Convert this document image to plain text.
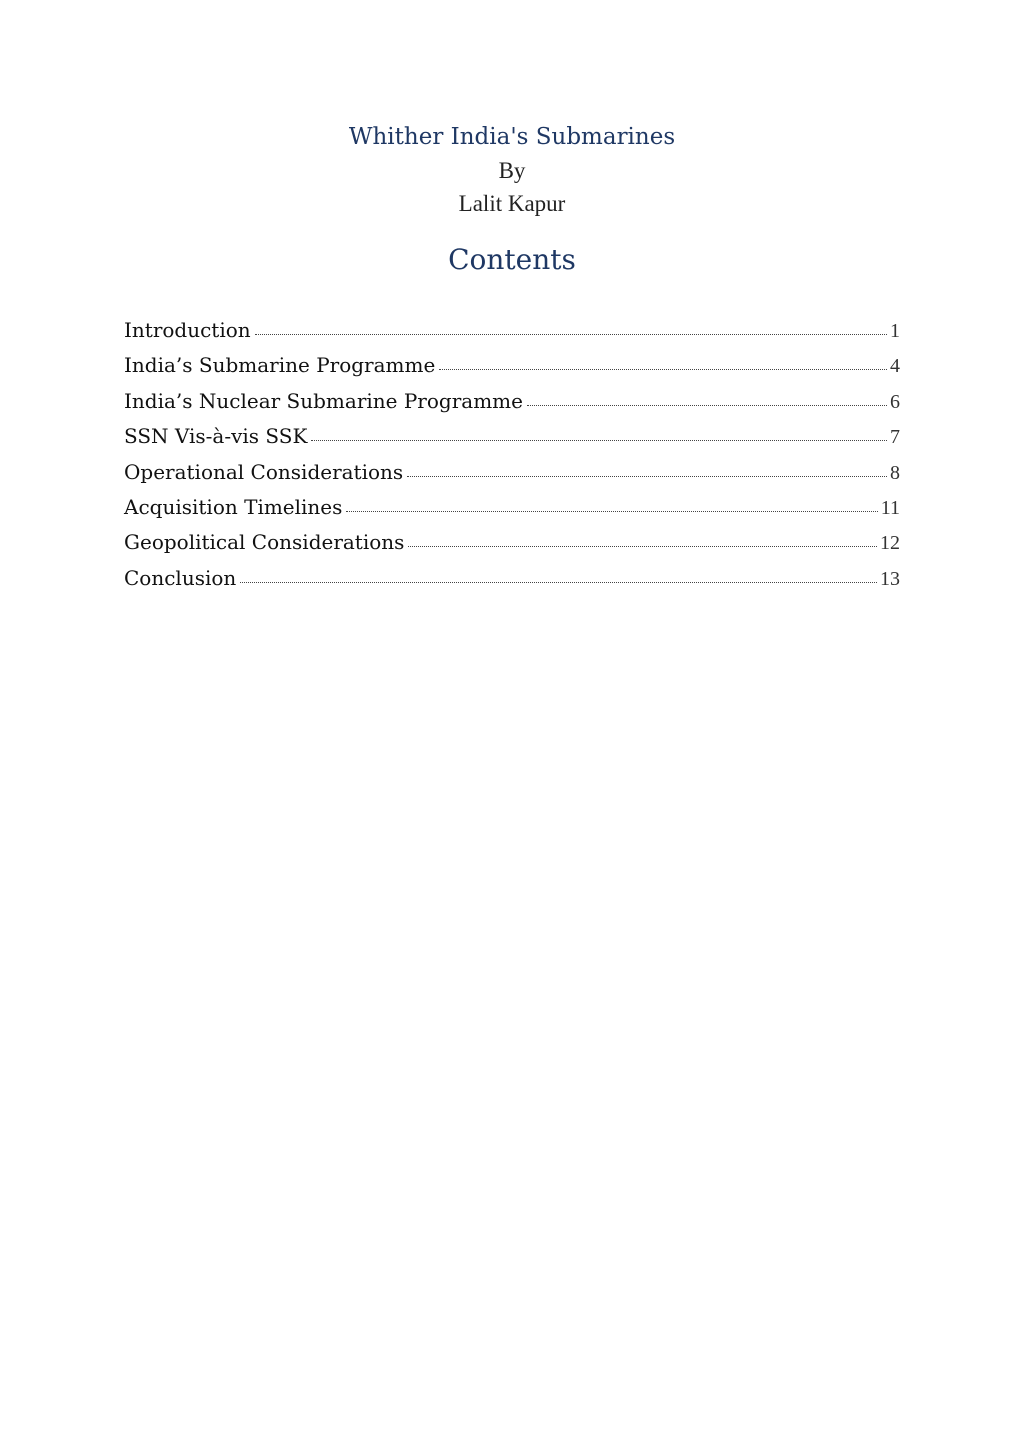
Whither India's Submarines

By

Lalit Kapur

Contents
Introduction	1
India’s Submarine Programme	4
India’s Nuclear Submarine Programme	6
SSN Vis-à-vis SSK	7
Operational Considerations	8
Acquisition Timelines	11
Geopolitical Considerations	12
Conclusion	13
